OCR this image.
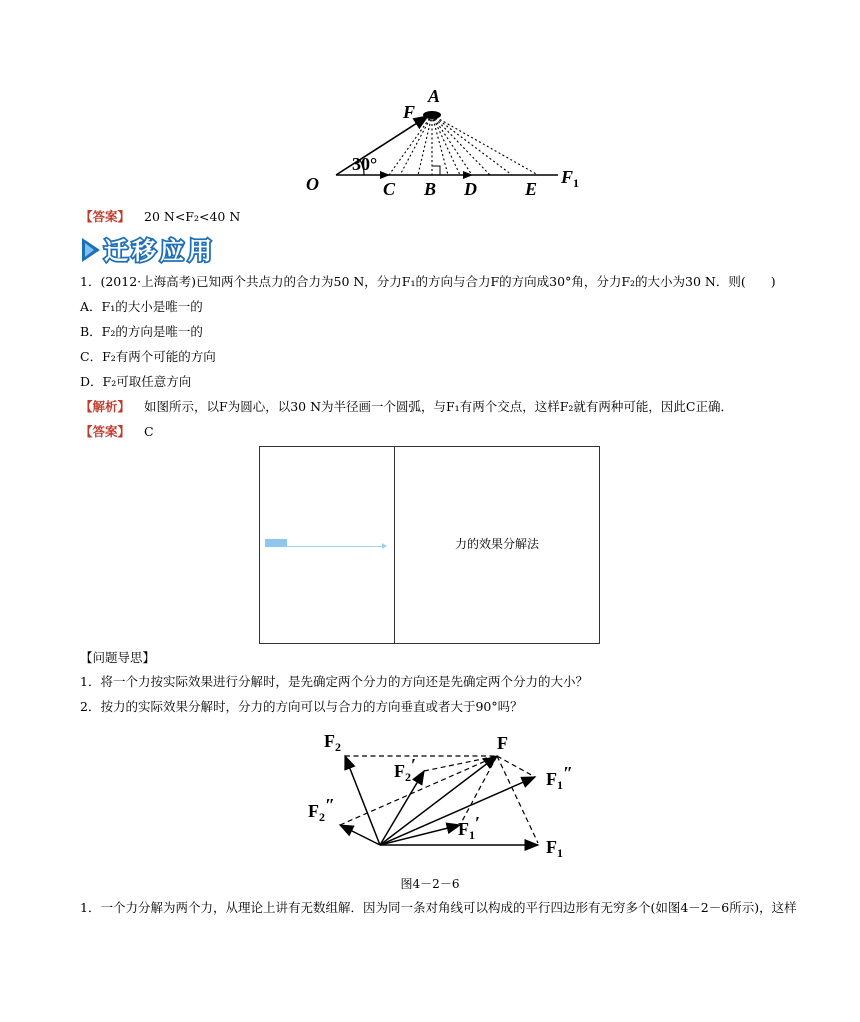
F
A
O
30°
C B D	E
$F_1$
【答案】 20 N<F₂<40 N
迁移应用
1．(2012·上海高考)已知两个共点力的合力为50 N，分力F₁的方向与合力F的方向成30°角，分力F₂的大小为30 N．则(　　)
A．F₁的大小是唯一的
B．F₂的方向是唯一的
C．F₂有两个可能的方向
D．F₂可取任意方向
【解析】 如图所示，以F为圆心，以30 N为半径画一个圆弧，与F₁有两个交点，这样F₂就有两种可能，因此C正确．
【答案】 C
力的效果分解法
【问题导思】
1．将一个力按实际效果进行分解时，是先确定两个分力的方向还是先确定两个分力的大小？
2．按力的实际效果分解时，分力的方向可以与合力的方向垂直或者大于90°吗？
$F_2$	F
$F_2'$
$F_1''$
$F_2''$
$F_1'$
$F_1$
图4－2－6
1．一个力分解为两个力，从理论上讲有无数组解．因为同一条对角线可以构成的平行四边形有无穷多个(如图4－2－6所示)，这样
